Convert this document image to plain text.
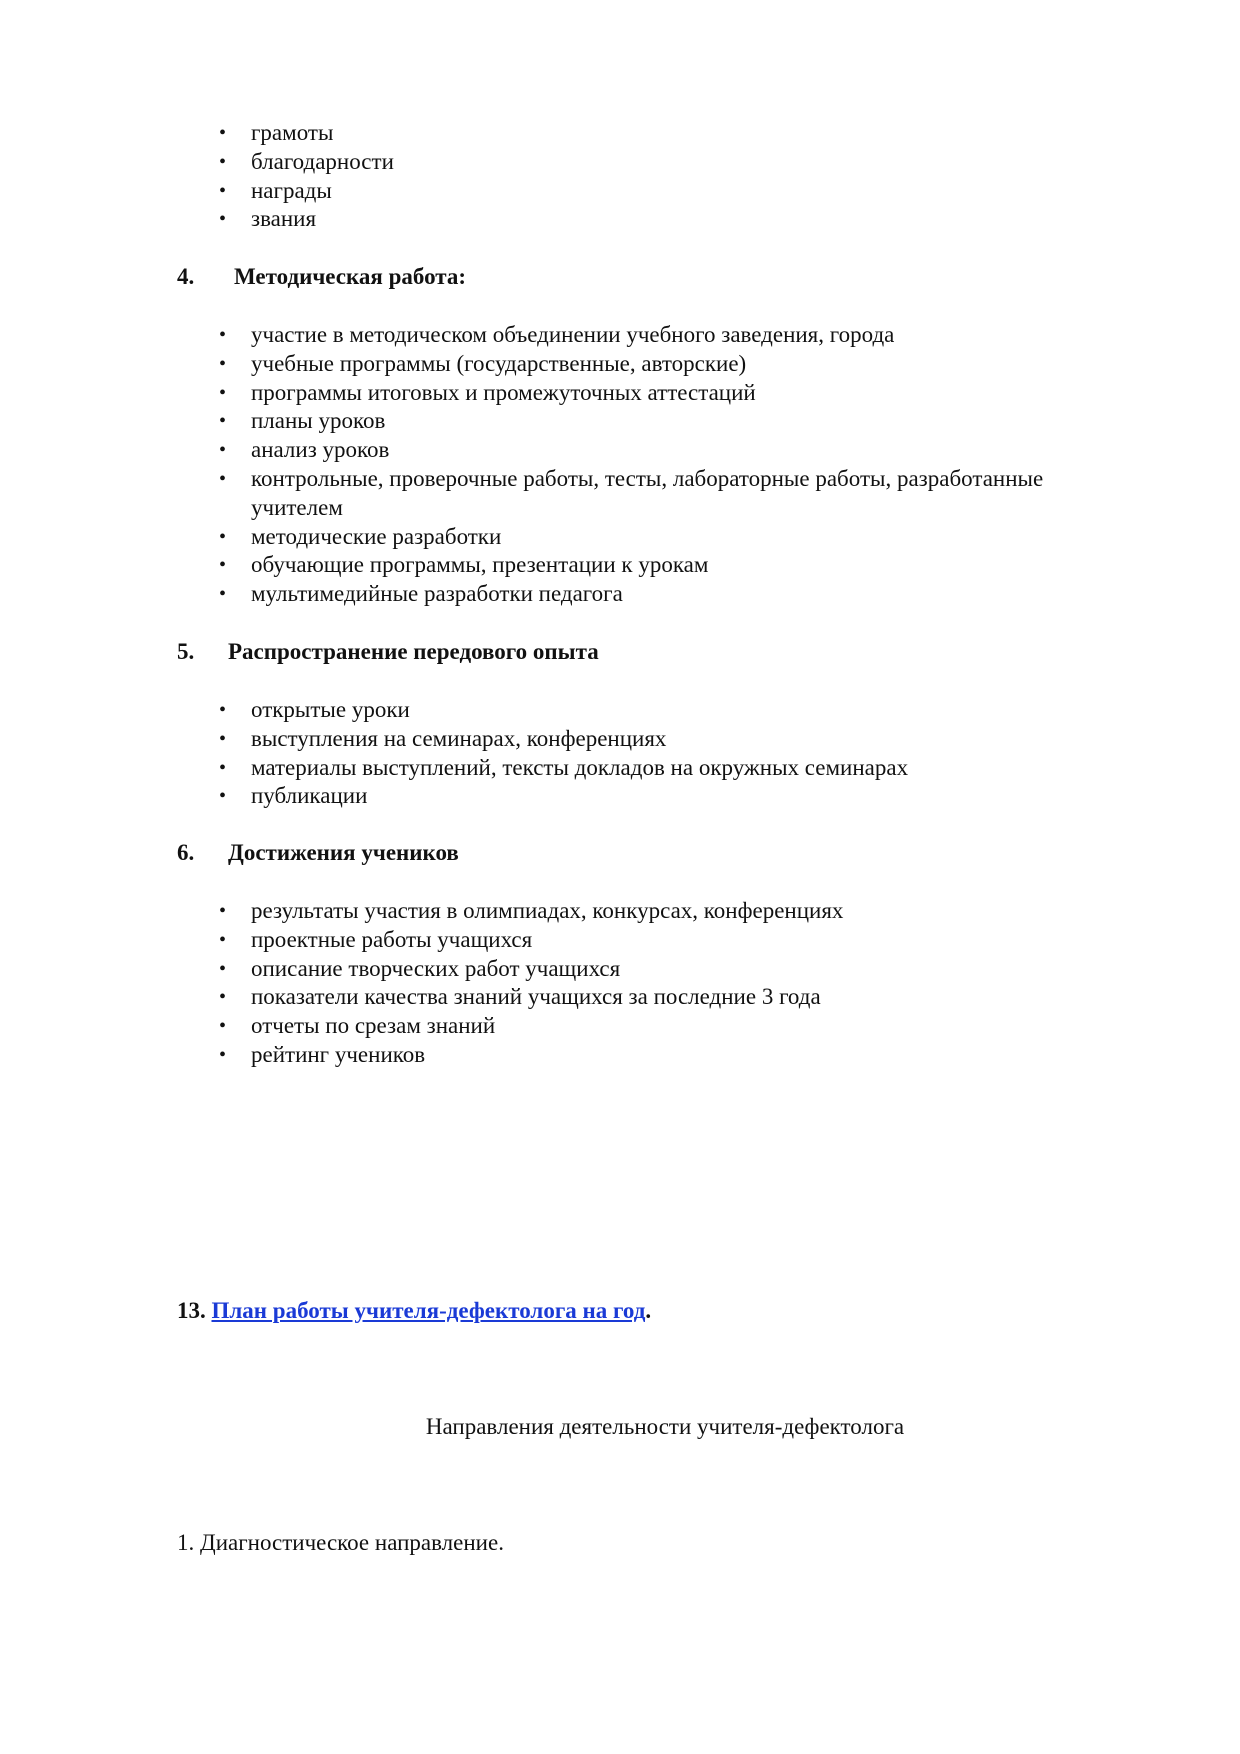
• грамоты
• благодарности
• награды
• звания
4. Методическая работа:
• участие в методическом объединении учебного заведения, города
• учебные программы (государственные, авторские)
• программы итоговых и промежуточных аттестаций
• планы уроков
• анализ уроков
• контрольные, проверочные работы, тесты, лабораторные работы, разработанные учителем
• методические разработки
• обучающие программы, презентации к урокам
• мультимедийные разработки педагога
5. Распространение передового опыта
• открытые уроки
• выступления на семинарах, конференциях
• материалы выступлений, тексты докладов на окружных семинарах
• публикации
6. Достижения учеников
• результаты участия в олимпиадах, конкурсах, конференциях
• проектные работы учащихся
• описание творческих работ учащихся
• показатели качества знаний учащихся за последние 3 года
• отчеты по срезам знаний
• рейтинг учеников
13. План работы учителя-дефектолога на год.
Направления деятельности учителя-дефектолога
1. Диагностическое направление.
